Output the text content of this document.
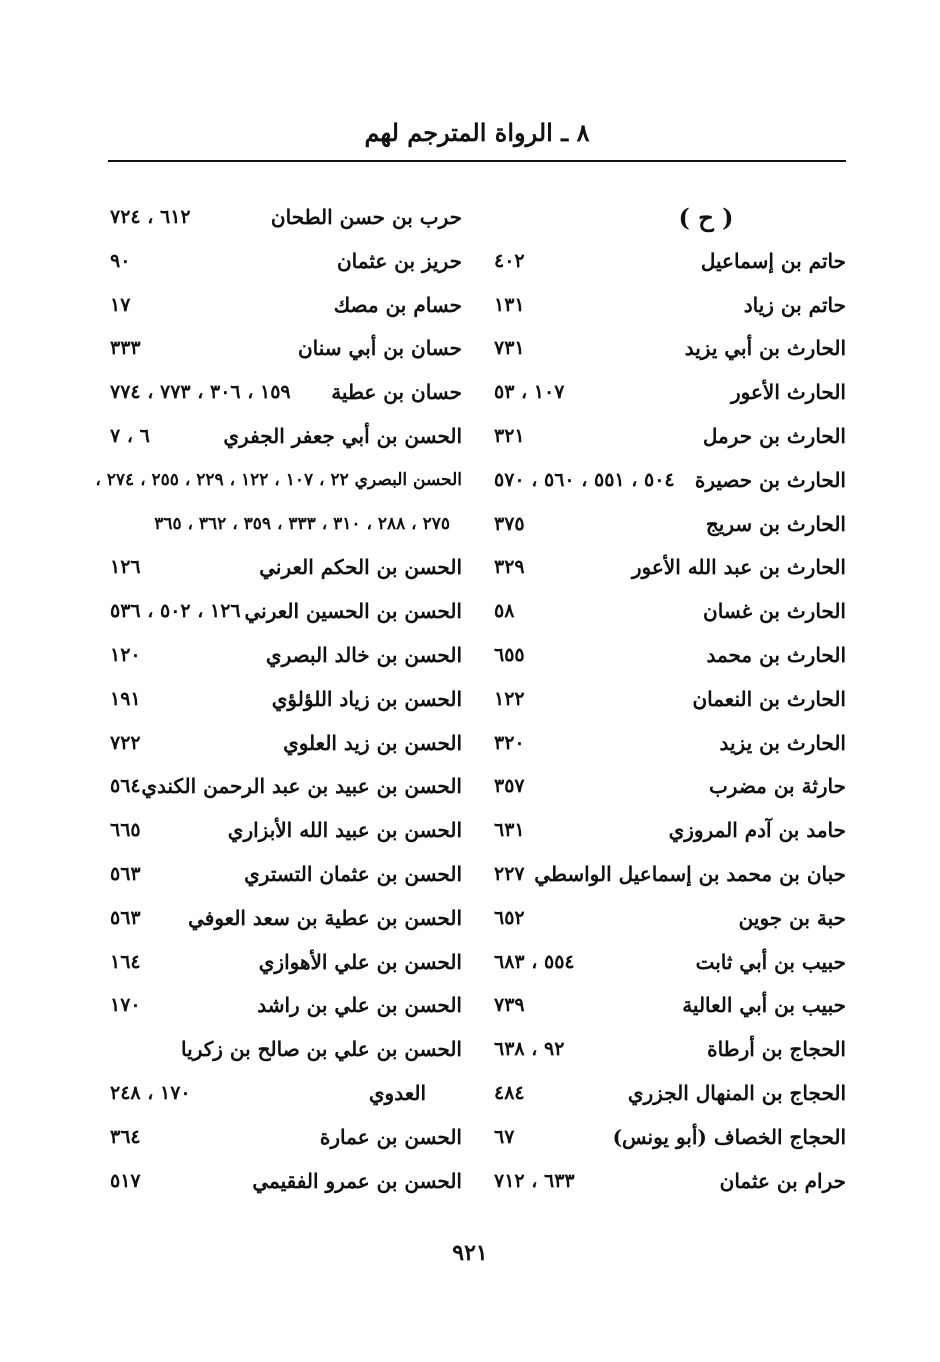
٨ ـ الرواة المترجم لهم
( ح )
حاتم بن إسماعيل
٤٠٢
حاتم بن زياد
١٣١
الحارث بن أبي يزيد
٧٣١
الحارث الأعور
١٠٧ ، ٥٣
الحارث بن حرمل
٣٢١
الحارث بن حصيرة
٥٠٤ ، ٥٥١ ، ٥٦٠ ، ٥٧٠
الحارث بن سريج
٣٧٥
الحارث بن عبد الله الأعور
٣٢٩
الحارث بن غسان
٥٨
الحارث بن محمد
٦٥٥
الحارث بن النعمان
١٢٢
الحارث بن يزيد
٣٢٠
حارثة بن مضرب
٣٥٧
حامد بن آدم المروزي
٦٣١
حبان بن محمد بن إسماعيل الواسطي
٢٢٧
حبة بن جوين
٦٥٢
حبيب بن أبي ثابت
٥٥٤ ، ٦٨٣
حبيب بن أبي العالية
٧٣٩
الحجاج بن أرطاة
٩٢ ، ٦٣٨
الحجاج بن المنهال الجزري
٤٨٤
الحجاج الخصاف (أبو يونس)
٦٧
حرام بن عثمان
٦٣٣ ، ٧١٢
حرب بن حسن الطحان
٦١٢ ، ٧٢٤
حريز بن عثمان
٩٠
حسام بن مصك
١٧
حسان بن أبي سنان
٣٣٣
حسان بن عطية
١٥٩ ، ٣٠٦ ، ٧٧٣ ، ٧٧٤
الحسن بن أبي جعفر الجفري
٦ ، ٧
الحسن البصري ٢٢ ، ١٠٧ ، ١٢٢ ، ٢٢٩ ، ٢٥٥ ، ٢٧٤ ،
٢٧٥ ، ٢٨٨ ، ٣١٠ ، ٣٣٣ ، ٣٥٩ ، ٣٦٢ ، ٣٦٥
الحسن بن الحكم العرني
١٢٦
الحسن بن الحسين العرني
١٢٦ ، ٥٠٢ ، ٥٣٦
الحسن بن خالد البصري
١٢٠
الحسن بن زياد اللؤلؤي
١٩١
الحسن بن زيد العلوي
٧٢٢
الحسن بن عبيد بن عبد الرحمن الكندي
٥٦٤
الحسن بن عبيد الله الأبزاري
٦٦٥
الحسن بن عثمان التستري
٥٦٣
الحسن بن عطية بن سعد العوفي
٥٦٣
الحسن بن علي الأهوازي
١٦٤
الحسن بن علي بن راشد
١٧٠
الحسن بن علي بن صالح بن زكريا
العدوي
١٧٠ ، ٢٤٨
الحسن بن عمارة
٣٦٤
الحسن بن عمرو الفقيمي
٥١٧
٩٢١
